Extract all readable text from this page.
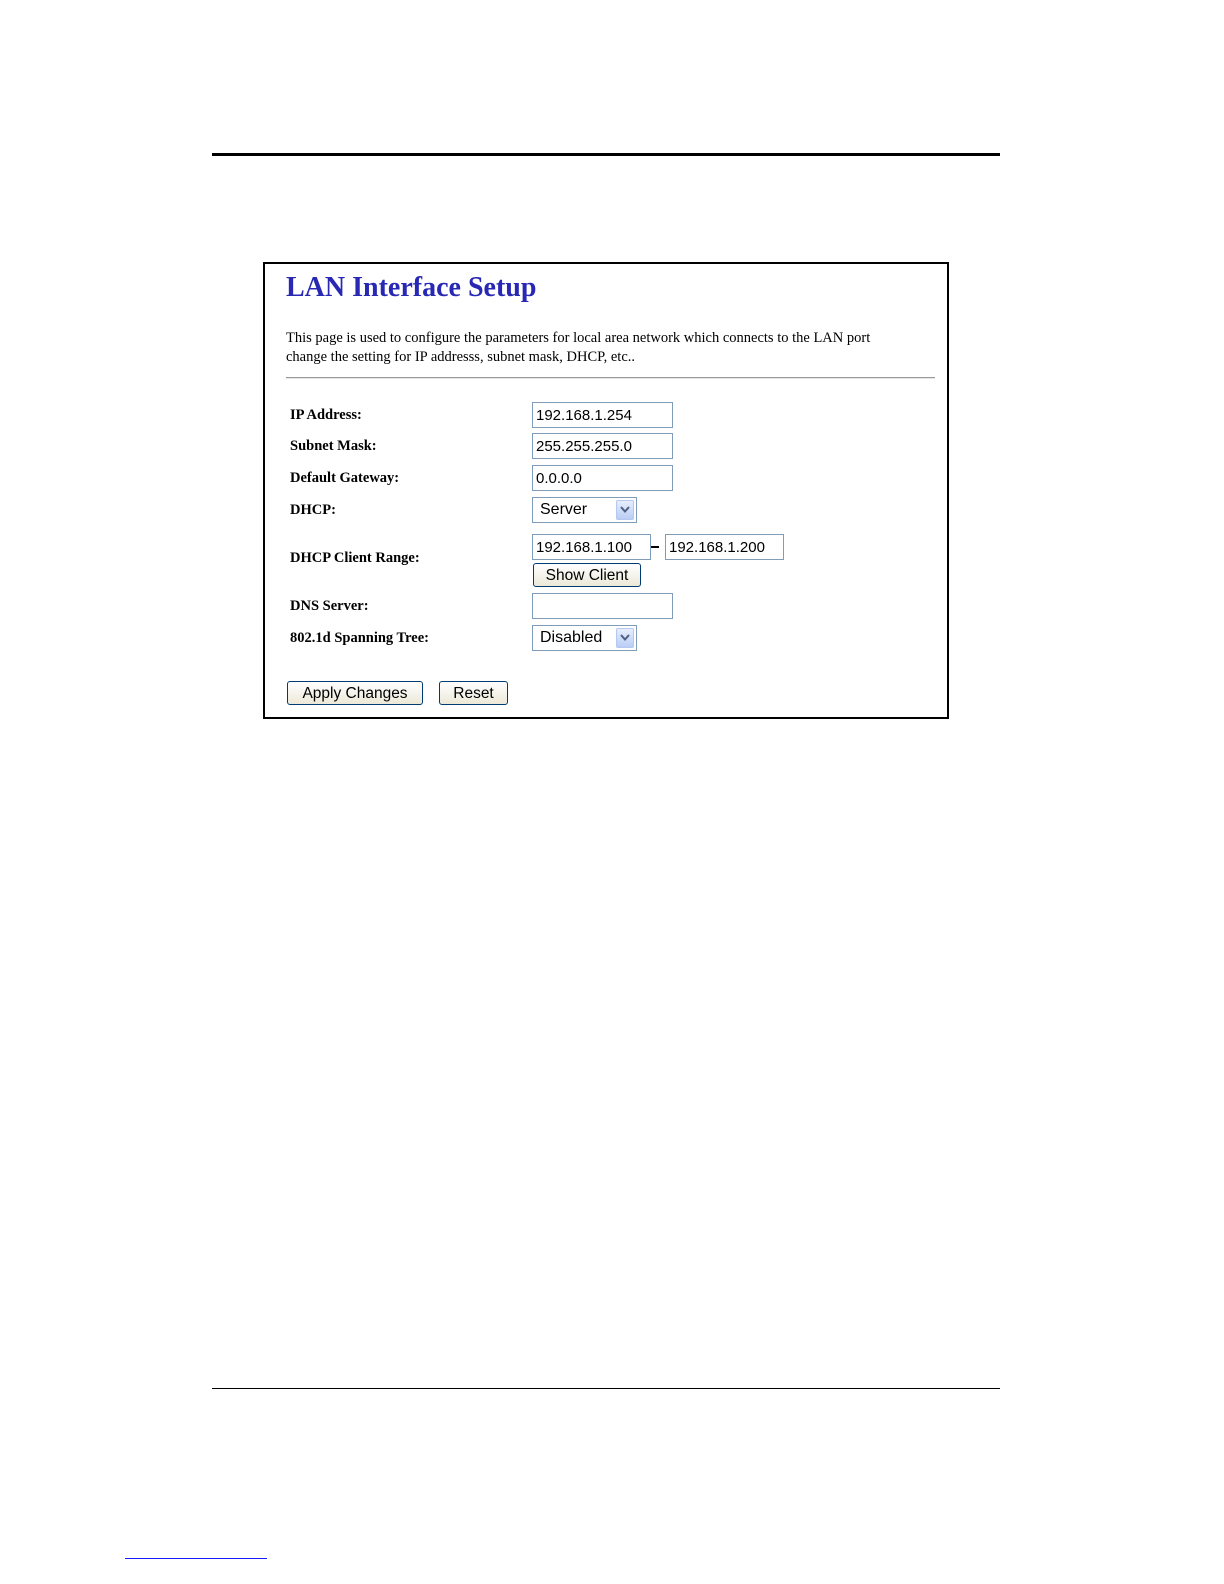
LAN Interface Setup
This page is used to configure the parameters for local area network which connects to the LAN port
change the setting for IP addresss, subnet mask, DHCP, etc..
IP Address:
192.168.1.254
Subnet Mask:
255.255.255.0
Default Gateway:
0.0.0.0
DHCP:	Server
DHCP Client Range:
192.168.1.100
192.168.1.200
Show Client
DNS Server:
802.1d Spanning Tree:	Disabled
Apply Changes	Reset
